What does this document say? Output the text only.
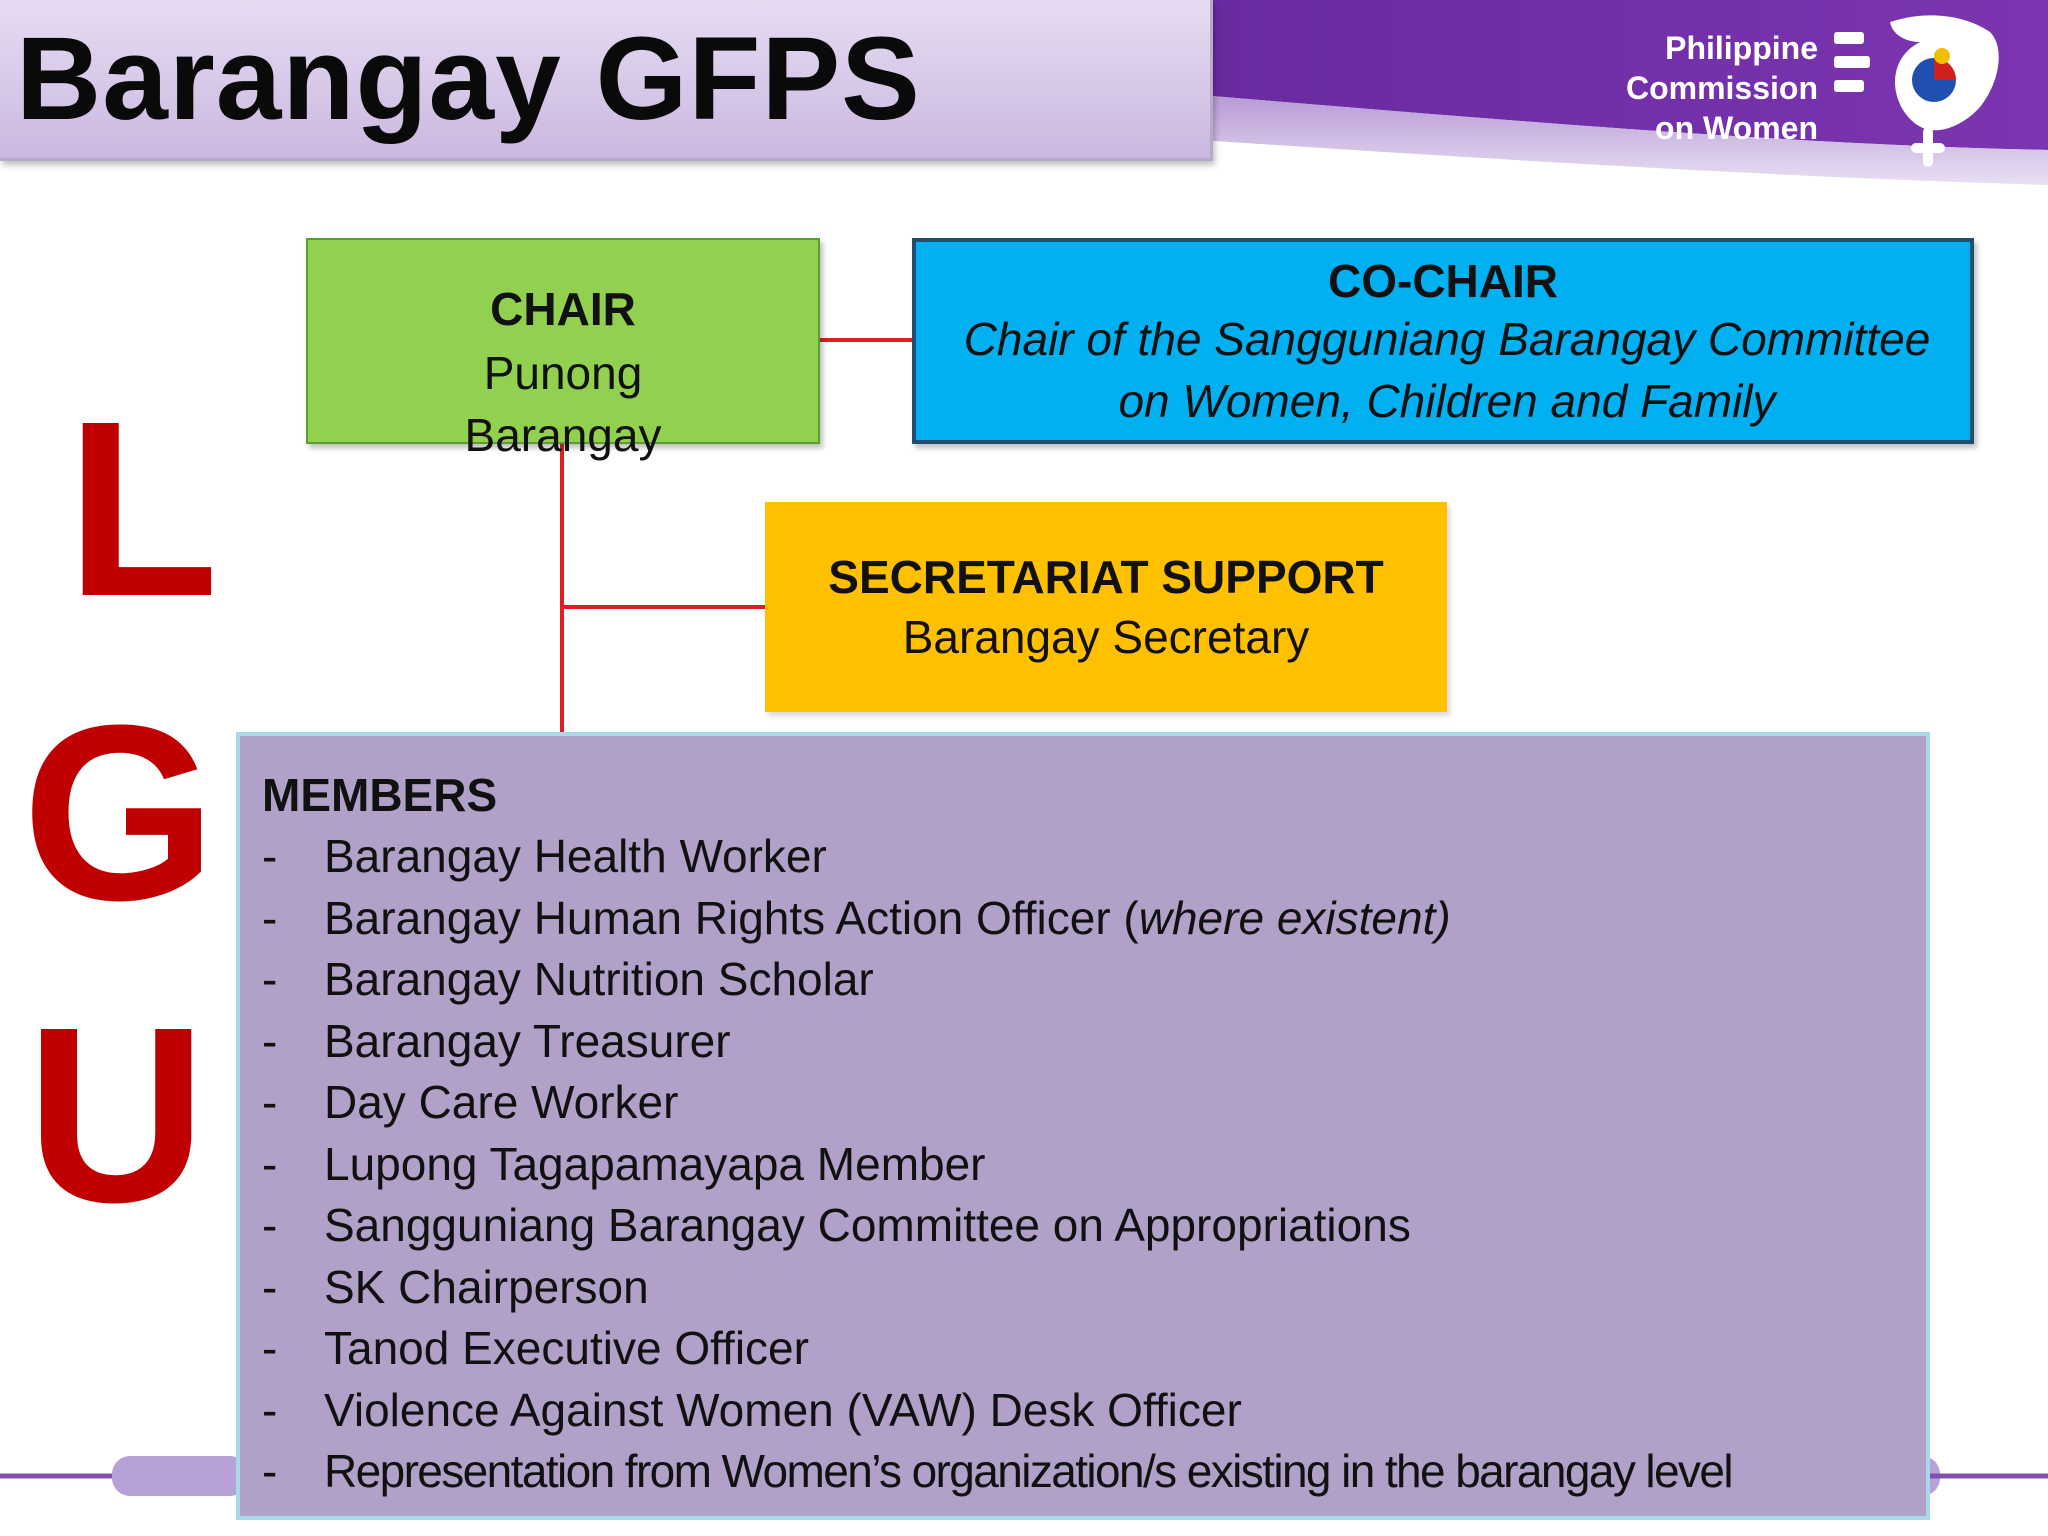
Barangay GFPS	Philippine
Commission
on Women
L
G
U
CHAIR
Punong Barangay
CO-CHAIR
Chair of the Sangguniang Barangay Committee on Women, Children and Family
SECRETARIAT SUPPORT
Barangay Secretary
MEMBERS
-	Barangay Health Worker
-	Barangay Human Rights Action Officer (where existent)
-	Barangay Nutrition Scholar
-	Barangay Treasurer
-	Day Care Worker
-	Lupong Tagapamayapa Member
-	Sangguniang Barangay Committee on Appropriations
-	SK Chairperson
-	Tanod Executive Officer
-	Violence Against Women (VAW) Desk Officer
-	Representation from Women’s organization/s existing in the barangay level
